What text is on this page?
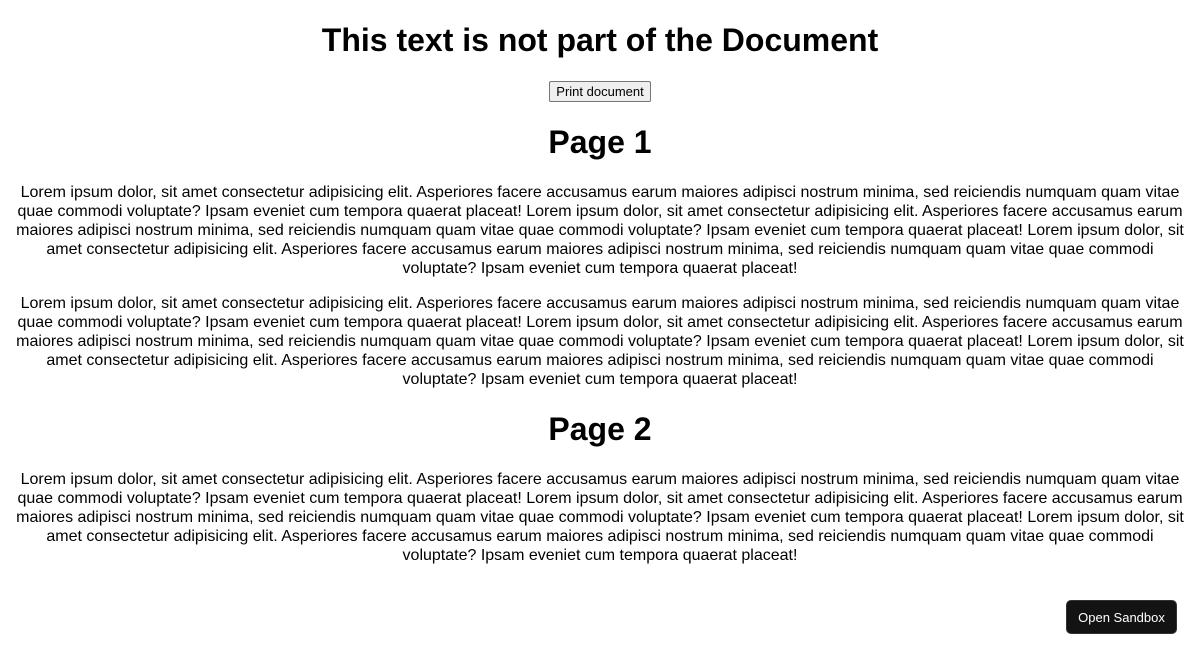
This text is not part of the Document
Print document
Page 1

Lorem ipsum dolor, sit amet consectetur adipisicing elit. Asperiores facere accusamus earum maiores adipisci nostrum minima, sed reiciendis numquam quam vitae quae commodi voluptate? Ipsam eveniet cum tempora quaerat placeat! Lorem ipsum dolor, sit amet consectetur adipisicing elit. Asperiores facere accusamus earum maiores adipisci nostrum minima, sed reiciendis numquam quam vitae quae commodi voluptate? Ipsam eveniet cum tempora quaerat placeat! Lorem ipsum dolor, sit amet consectetur adipisicing elit. Asperiores facere accusamus earum maiores adipisci nostrum minima, sed reiciendis numquam quam vitae quae commodi voluptate? Ipsam eveniet cum tempora quaerat placeat!

Lorem ipsum dolor, sit amet consectetur adipisicing elit. Asperiores facere accusamus earum maiores adipisci nostrum minima, sed reiciendis numquam quam vitae quae commodi voluptate? Ipsam eveniet cum tempora quaerat placeat! Lorem ipsum dolor, sit amet consectetur adipisicing elit. Asperiores facere accusamus earum maiores adipisci nostrum minima, sed reiciendis numquam quam vitae quae commodi voluptate? Ipsam eveniet cum tempora quaerat placeat! Lorem ipsum dolor, sit amet consectetur adipisicing elit. Asperiores facere accusamus earum maiores adipisci nostrum minima, sed reiciendis numquam quam vitae quae commodi voluptate? Ipsam eveniet cum tempora quaerat placeat!

Page 2

Lorem ipsum dolor, sit amet consectetur adipisicing elit. Asperiores facere accusamus earum maiores adipisci nostrum minima, sed reiciendis numquam quam vitae quae commodi voluptate? Ipsam eveniet cum tempora quaerat placeat! Lorem ipsum dolor, sit amet consectetur adipisicing elit. Asperiores facere accusamus earum maiores adipisci nostrum minima, sed reiciendis numquam quam vitae quae commodi voluptate? Ipsam eveniet cum tempora quaerat placeat! Lorem ipsum dolor, sit amet consectetur adipisicing elit. Asperiores facere accusamus earum maiores adipisci nostrum minima, sed reiciendis numquam quam vitae quae commodi voluptate? Ipsam eveniet cum tempora quaerat placeat!

Open Sandbox
